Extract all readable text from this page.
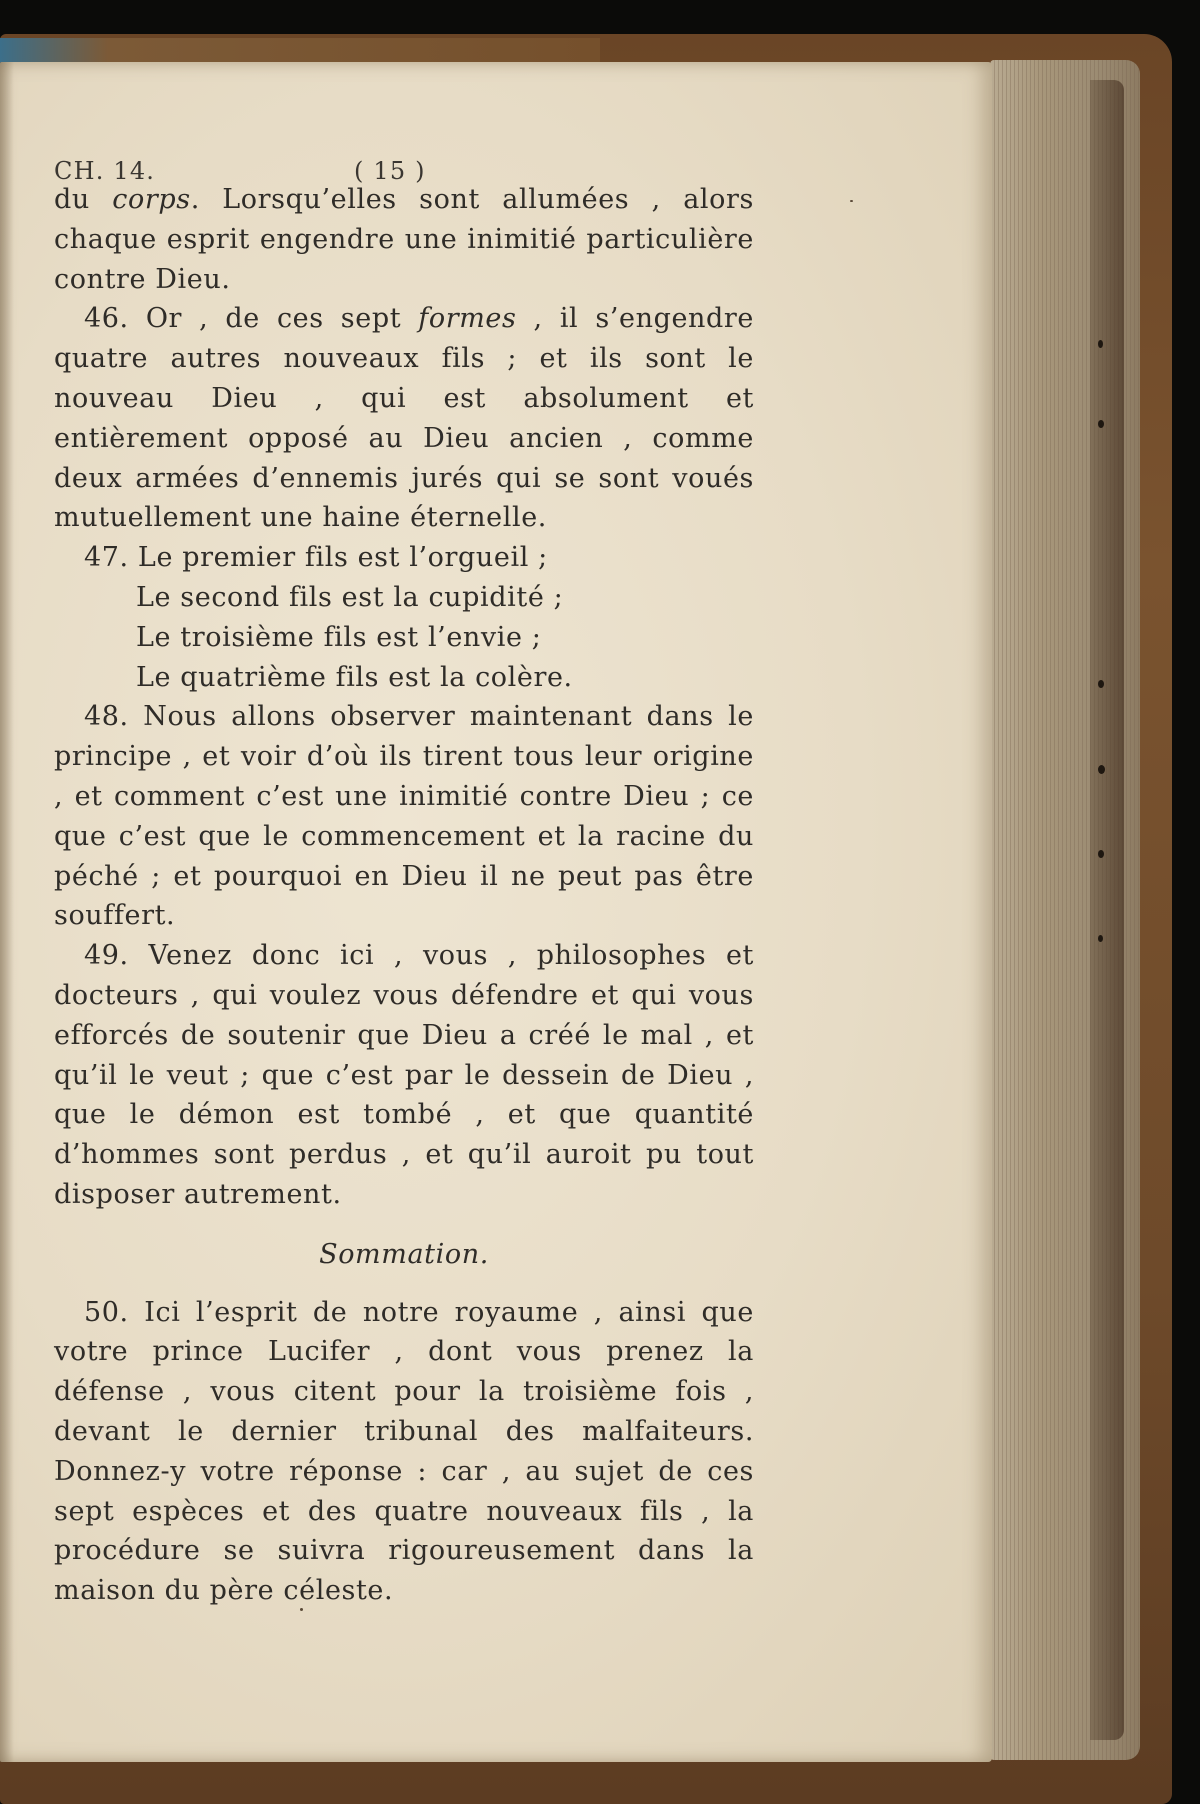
CH. 14.	( 15 )

du corps. Lorsqu’elles sont allumées , alors chaque esprit engendre une inimitié particulière contre Dieu.

46. Or , de ces sept formes , il s’engendre quatre autres nouveaux fils ; et ils sont le nouveau Dieu , qui est absolument et entièrement opposé au Dieu ancien , comme deux armées d’ennemis jurés qui se sont voués mutuellement une haine éternelle.

47. Le premier fils est l’orgueil ;
Le second fils est la cupidité ;
Le troisième fils est l’envie ;
Le quatrième fils est la colère.

48. Nous allons observer maintenant dans le principe , et voir d’où ils tirent tous leur origine , et comment c’est une inimitié contre Dieu ; ce que c’est que le commencement et la racine du péché ; et pourquoi en Dieu il ne peut pas être souffert.

49. Venez donc ici , vous , philosophes et docteurs , qui voulez vous défendre et qui vous efforcés de soutenir que Dieu a créé le mal , et qu’il le veut ; que c’est par le dessein de Dieu , que le démon est tombé , et que quantité d’hommes sont perdus , et qu’il auroit pu tout disposer autrement.

Sommation.

50. Ici l’esprit de notre royaume , ainsi que votre prince Lucifer , dont vous prenez la défense , vous citent pour la troisième fois , devant le dernier tribunal des malfaiteurs. Donnez-y votre réponse : car , au sujet de ces sept espèces et des quatre nouveaux fils , la procédure se suivra rigoureusement dans la maison du père céleste.
